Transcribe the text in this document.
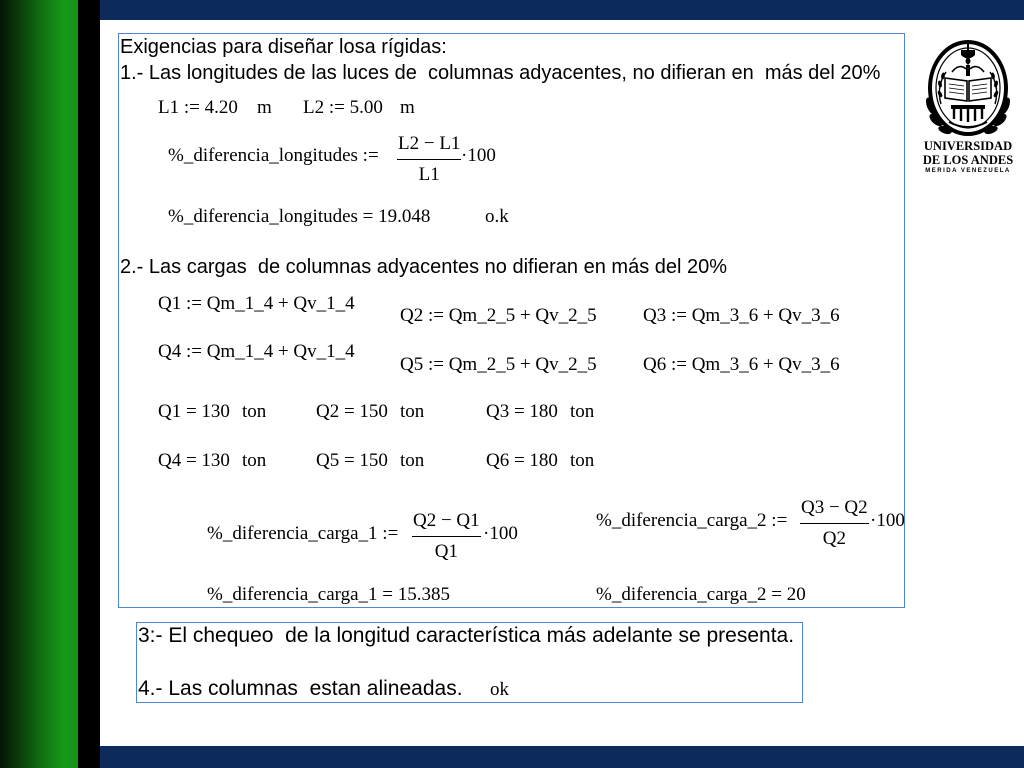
Exigencias para diseñar losa rígidas:
1.- Las longitudes de las luces de  columnas adyacentes, no difieran en  más del 20%
L1 := 4.20 m L2 := 5.00 m
%_diferencia_longitudes :=
L2 − L1
L1
·100
%_diferencia_longitudes = 19.048	o.k
2.- Las cargas  de columnas adyacentes no difieran en más del 20%
Q1 := Qm_1_4 + Qv_1_4
Q2 := Qm_2_5 + Qv_2_5 Q3 := Qm_3_6 + Qv_3_6
Q4 := Qm_1_4 + Qv_1_4
Q5 := Qm_2_5 + Qv_2_5 Q6 := Qm_3_6 + Qv_3_6
Q1 = 130 ton	Q2 = 150 ton	Q3 = 180 ton
Q4 = 130 ton	Q5 = 150 ton	Q6 = 180 ton
%_diferencia_carga_1 :=
Q2 − Q1
Q1
·100
%_diferencia_carga_2 :=
Q3 − Q2
Q2
·100
%_diferencia_carga_1 = 15.385	%_diferencia_carga_2 = 20
3:- El chequeo  de la longitud característica más adelante se presenta.
4.- Las columnas  estan alineadas. ok
UNIVERSIDAD
DE LOS ANDES
MERIDA VENEZUELA
